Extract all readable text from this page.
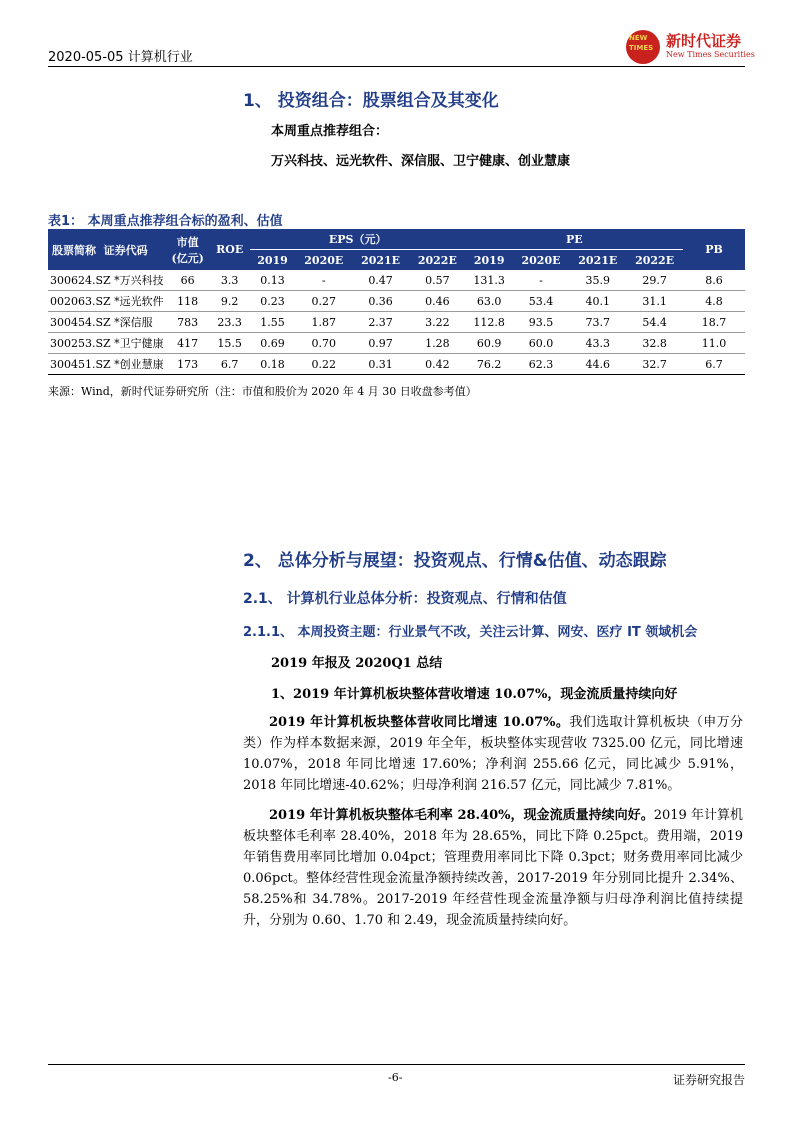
2020-05-05 计算机行业
NEW
TIMES 新时代证券
New Times Securities
1、 投资组合：股票组合及其变化
本周重点推荐组合：
万兴科技、远光软件、深信服、卫宁健康、创业慧康
表1： 本周重点推荐组合标的盈利、估值
股票简称 证券代码	市值
(亿元)	ROE	EPS（元）				PE				PB
			2019	2020E	2021E	2022E	2019	2020E	2021E	2022E	
300624.SZ *万兴科技	66	3.3	0.13	-	0.47	0.57	131.3	-	35.9	29.7	8.6
002063.SZ *远光软件	118	9.2	0.23	0.27	0.36	0.46	63.0	53.4	40.1	31.1	4.8
300454.SZ *深信服	783	23.3	1.55	1.87	2.37	3.22	112.8	93.5	73.7	54.4	18.7
300253.SZ *卫宁健康	417	15.5	0.69	0.70	0.97	1.28	60.9	60.0	43.3	32.8	11.0
300451.SZ *创业慧康	173	6.7	0.18	0.22	0.31	0.42	76.2	62.3	44.6	32.7	6.7
来源：Wind，新时代证券研究所（注：市值和股价为 2020 年 4 月 30 日收盘参考值）
2、 总体分析与展望：投资观点、行情&估值、动态跟踪
2.1、 计算机行业总体分析：投资观点、行情和估值
2.1.1、 本周投资主题：行业景气不改，关注云计算、网安、医疗 IT 领域机会
2019 年报及 2020Q1 总结
1、2019 年计算机板块整体营收增速 10.07%，现金流质量持续向好
2019 年计算机板块整体营收同比增速 10.07%。我们选取计算机板块（申万分类）作为样本数据来源，2019 年全年，板块整体实现营收 7325.00 亿元，同比增速 10.07%，2018 年同比增速 17.60%；净利润 255.66 亿元，同比减少 5.91%，2018 年同比增速-40.62%；归母净利润 216.57 亿元，同比减少 7.81%。
2019 年计算机板块整体毛利率 28.40%，现金流质量持续向好。2019 年计算机板块整体毛利率 28.40%，2018 年为 28.65%，同比下降 0.25pct。费用端，2019 年销售费用率同比增加 0.04pct；管理费用率同比下降 0.3pct；财务费用率同比减少 0.06pct。整体经营性现金流量净额持续改善，2017-2019 年分别同比提升 2.34%、58.25%和 34.78%。2017-2019 年经营性现金流量净额与归母净利润比值持续提升，分别为 0.60、1.70 和 2.49，现金流质量持续向好。
-6-	证券研究报告
